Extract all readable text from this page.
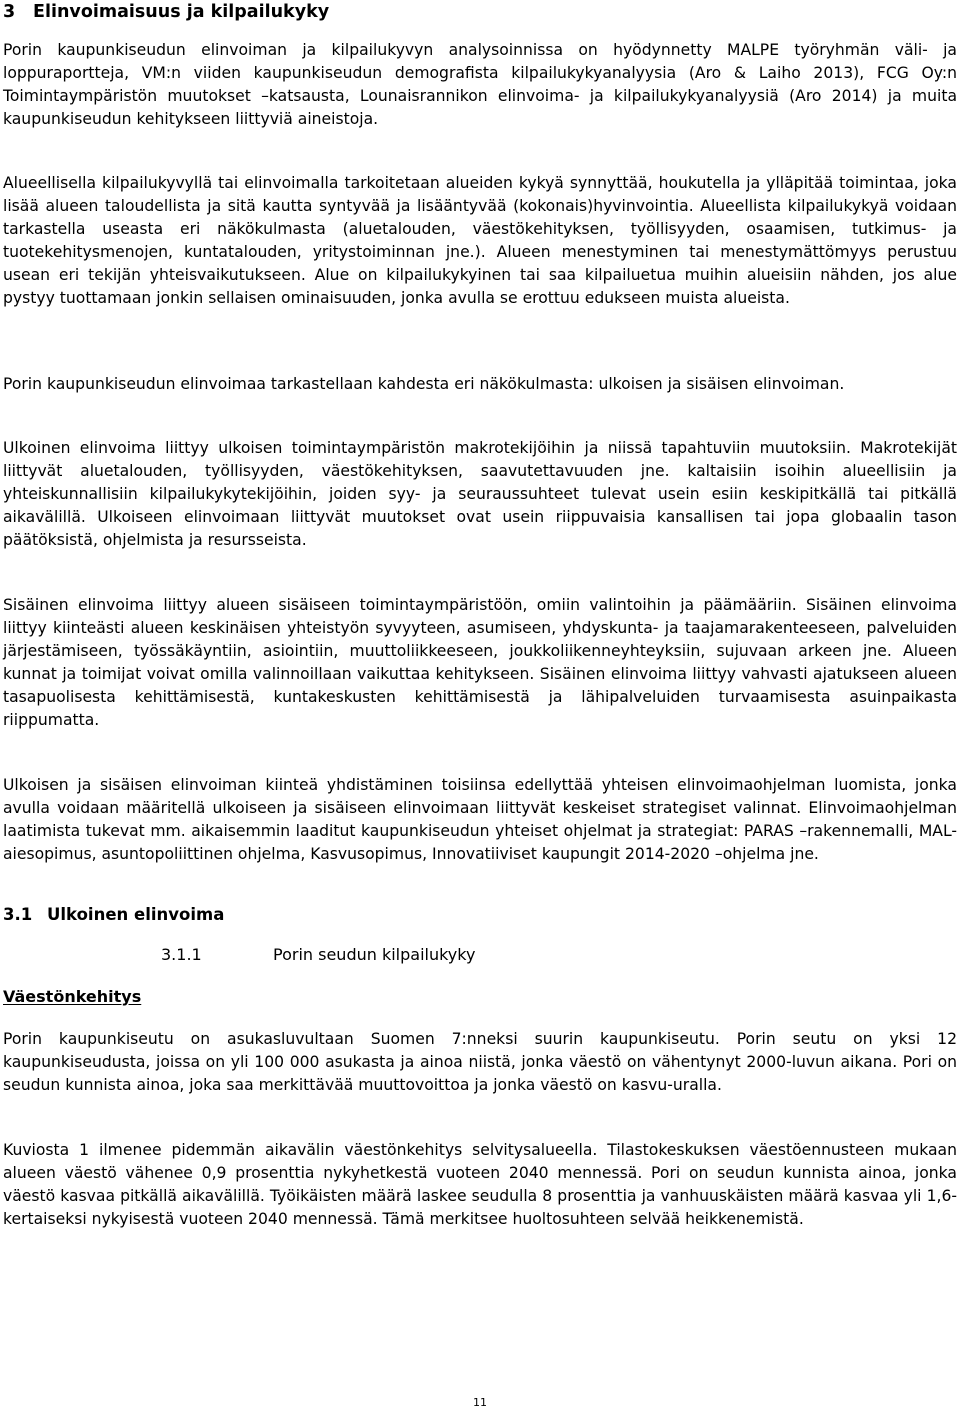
3 Elinvoimaisuus ja kilpailukyky

Porin kaupunkiseudun elinvoiman ja kilpailukyvyn analysoinnissa on hyödynnetty MALPE työryhmän väli- ja loppuraportteja, VM:n viiden kaupunkiseudun demografista kilpailukykyanalyysia (Aro & Laiho 2013), FCG Oy:n Toimintaympäristön muutokset –katsausta, Lounaisrannikon elinvoima- ja kilpailukykyanalyysiä (Aro 2014) ja muita kaupunkiseudun kehitykseen liittyviä aineistoja.

Alueellisella kilpailukyvyllä tai elinvoimalla tarkoitetaan alueiden kykyä synnyttää, houkutella ja ylläpitää toimintaa, joka lisää alueen taloudellista ja sitä kautta syntyvää ja lisääntyvää (kokonais)hyvinvointia. Alueellista kilpailukykyä voidaan tarkastella useasta eri näkökulmasta (aluetalouden, väestökehityksen, työllisyyden, osaamisen, tutkimus- ja tuotekehitysmenojen, kuntatalouden, yritystoiminnan jne.). Alueen menestyminen tai menestymättömyys perustuu usean eri tekijän yhteisvaikutukseen. Alue on kilpailukykyinen tai saa kilpailuetua muihin alueisiin nähden, jos alue pystyy tuottamaan jonkin sellaisen ominaisuuden, jonka avulla se erottuu edukseen muista alueista.

Porin kaupunkiseudun elinvoimaa tarkastellaan kahdesta eri näkökulmasta: ulkoisen ja sisäisen elinvoiman.

Ulkoinen elinvoima liittyy ulkoisen toimintaympäristön makrotekijöihin ja niissä tapahtuviin muutoksiin. Makrotekijät liittyvät aluetalouden, työllisyyden, väestökehityksen, saavutettavuuden jne. kaltaisiin isoihin alueellisiin ja yhteiskunnallisiin kilpailukykytekijöihin, joiden syy- ja seuraussuhteet tulevat usein esiin keskipitkällä tai pitkällä aikavälillä. Ulkoiseen elinvoimaan liittyvät muutokset ovat usein riippuvaisia kansallisen tai jopa globaalin tason päätöksistä, ohjelmista ja resursseista.

Sisäinen elinvoima liittyy alueen sisäiseen toimintaympäristöön, omiin valintoihin ja päämääriin. Sisäinen elinvoima liittyy kiinteästi alueen keskinäisen yhteistyön syvyyteen, asumiseen, yhdyskunta- ja taajamarakenteeseen, palveluiden järjestämiseen, työssäkäyntiin, asiointiin, muuttoliikkeeseen, joukkoliikenneyhteyksiin, sujuvaan arkeen jne. Alueen kunnat ja toimijat voivat omilla valinnoillaan vaikuttaa kehitykseen. Sisäinen elinvoima liittyy vahvasti ajatukseen alueen tasapuolisesta kehittämisestä, kuntakeskusten kehittämisestä ja lähipalveluiden turvaamisesta asuinpaikasta riippumatta.

Ulkoisen ja sisäisen elinvoiman kiinteä yhdistäminen toisiinsa edellyttää yhteisen elinvoimaohjelman luomista, jonka avulla voidaan määritellä ulkoiseen ja sisäiseen elinvoimaan liittyvät keskeiset strategiset valinnat. Elinvoimaohjelman laatimista tukevat mm. aikaisemmin laaditut kaupunkiseudun yhteiset ohjelmat ja strategiat: PARAS –rakennemalli, MAL-aiesopimus, asuntopoliittinen ohjelma, Kasvusopimus, Innovatiiviset kaupungit 2014-2020 –ohjelma jne.

3.1 Ulkoinen elinvoima
3.1.1	Porin seudun kilpailukyky
Väestönkehitys

Porin kaupunkiseutu on asukasluvultaan Suomen 7:nneksi suurin kaupunkiseutu. Porin seutu on yksi 12 kaupunkiseudusta, joissa on yli 100 000 asukasta ja ainoa niistä, jonka väestö on vähentynyt 2000-luvun aikana. Pori on seudun kunnista ainoa, joka saa merkittävää muuttovoittoa ja jonka väestö on kasvu-uralla.

Kuviosta 1 ilmenee pidemmän aikavälin väestönkehitys selvitysalueella. Tilastokeskuksen väestöennusteen mukaan alueen väestö vähenee 0,9 prosenttia nykyhetkestä vuoteen 2040 mennessä. Pori on seudun kunnista ainoa, jonka väestö kasvaa pitkällä aikavälillä. Työikäisten määrä laskee seudulla 8 prosenttia ja vanhuuskäisten määrä kasvaa yli 1,6-kertaiseksi nykyisestä vuoteen 2040 mennessä. Tämä merkitsee huoltosuhteen selvää heikkenemistä.

11
